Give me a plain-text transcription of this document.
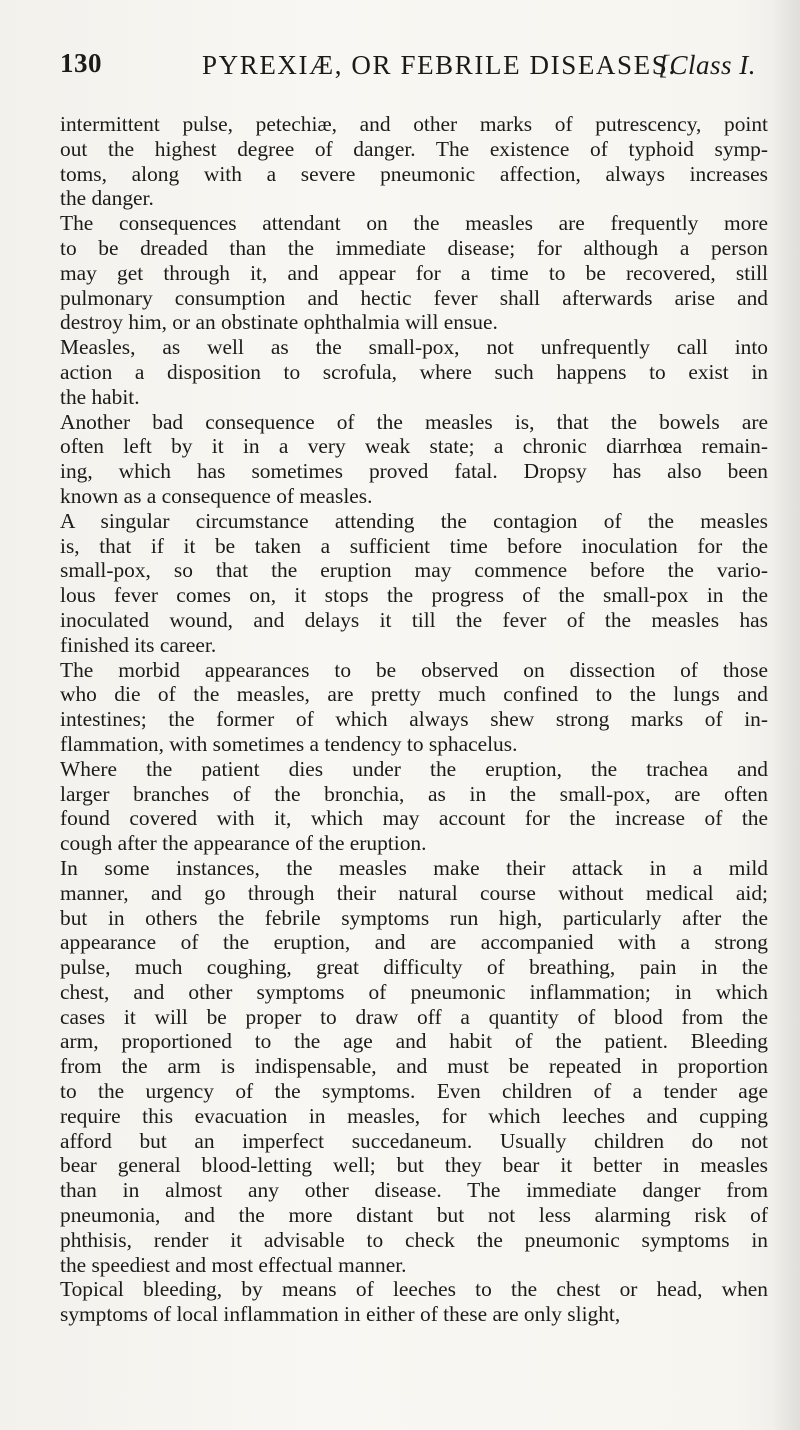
130	PYREXIÆ, OR FEBRILE DISEASES.
[Class I.
intermittent pulse, petechiæ, and other marks of putrescency, point
out the highest degree of danger. The existence of typhoid symp-
toms, along with a severe pneumonic affection, always increases
the danger.
The consequences attendant on the measles are frequently more
to be dreaded than the immediate disease; for although a person
may get through it, and appear for a time to be recovered, still
pulmonary consumption and hectic fever shall afterwards arise and
destroy him, or an obstinate ophthalmia will ensue.
Measles, as well as the small-pox, not unfrequently call into
action a disposition to scrofula, where such happens to exist in
the habit.
Another bad consequence of the measles is, that the bowels are
often left by it in a very weak state; a chronic diarrhœa remain-
ing, which has sometimes proved fatal. Dropsy has also been
known as a consequence of measles.
A singular circumstance attending the contagion of the measles
is, that if it be taken a sufficient time before inoculation for the
small-pox, so that the eruption may commence before the vario-
lous fever comes on, it stops the progress of the small-pox in the
inoculated wound, and delays it till the fever of the measles has
finished its career.
The morbid appearances to be observed on dissection of those
who die of the measles, are pretty much confined to the lungs and
intestines; the former of which always shew strong marks of in-
flammation, with sometimes a tendency to sphacelus.
Where the patient dies under the eruption, the trachea and
larger branches of the bronchia, as in the small-pox, are often
found covered with it, which may account for the increase of the
cough after the appearance of the eruption.
In some instances, the measles make their attack in a mild
manner, and go through their natural course without medical aid;
but in others the febrile symptoms run high, particularly after the
appearance of the eruption, and are accompanied with a strong
pulse, much coughing, great difficulty of breathing, pain in the
chest, and other symptoms of pneumonic inflammation; in which
cases it will be proper to draw off a quantity of blood from the
arm, proportioned to the age and habit of the patient. Bleeding
from the arm is indispensable, and must be repeated in proportion
to the urgency of the symptoms. Even children of a tender age
require this evacuation in measles, for which leeches and cupping
afford but an imperfect succedaneum. Usually children do not
bear general blood-letting well; but they bear it better in measles
than in almost any other disease. The immediate danger from
pneumonia, and the more distant but not less alarming risk of
phthisis, render it advisable to check the pneumonic symptoms in
the speediest and most effectual manner.
Topical bleeding, by means of leeches to the chest or head, when
symptoms of local inflammation in either of these are only slight,
